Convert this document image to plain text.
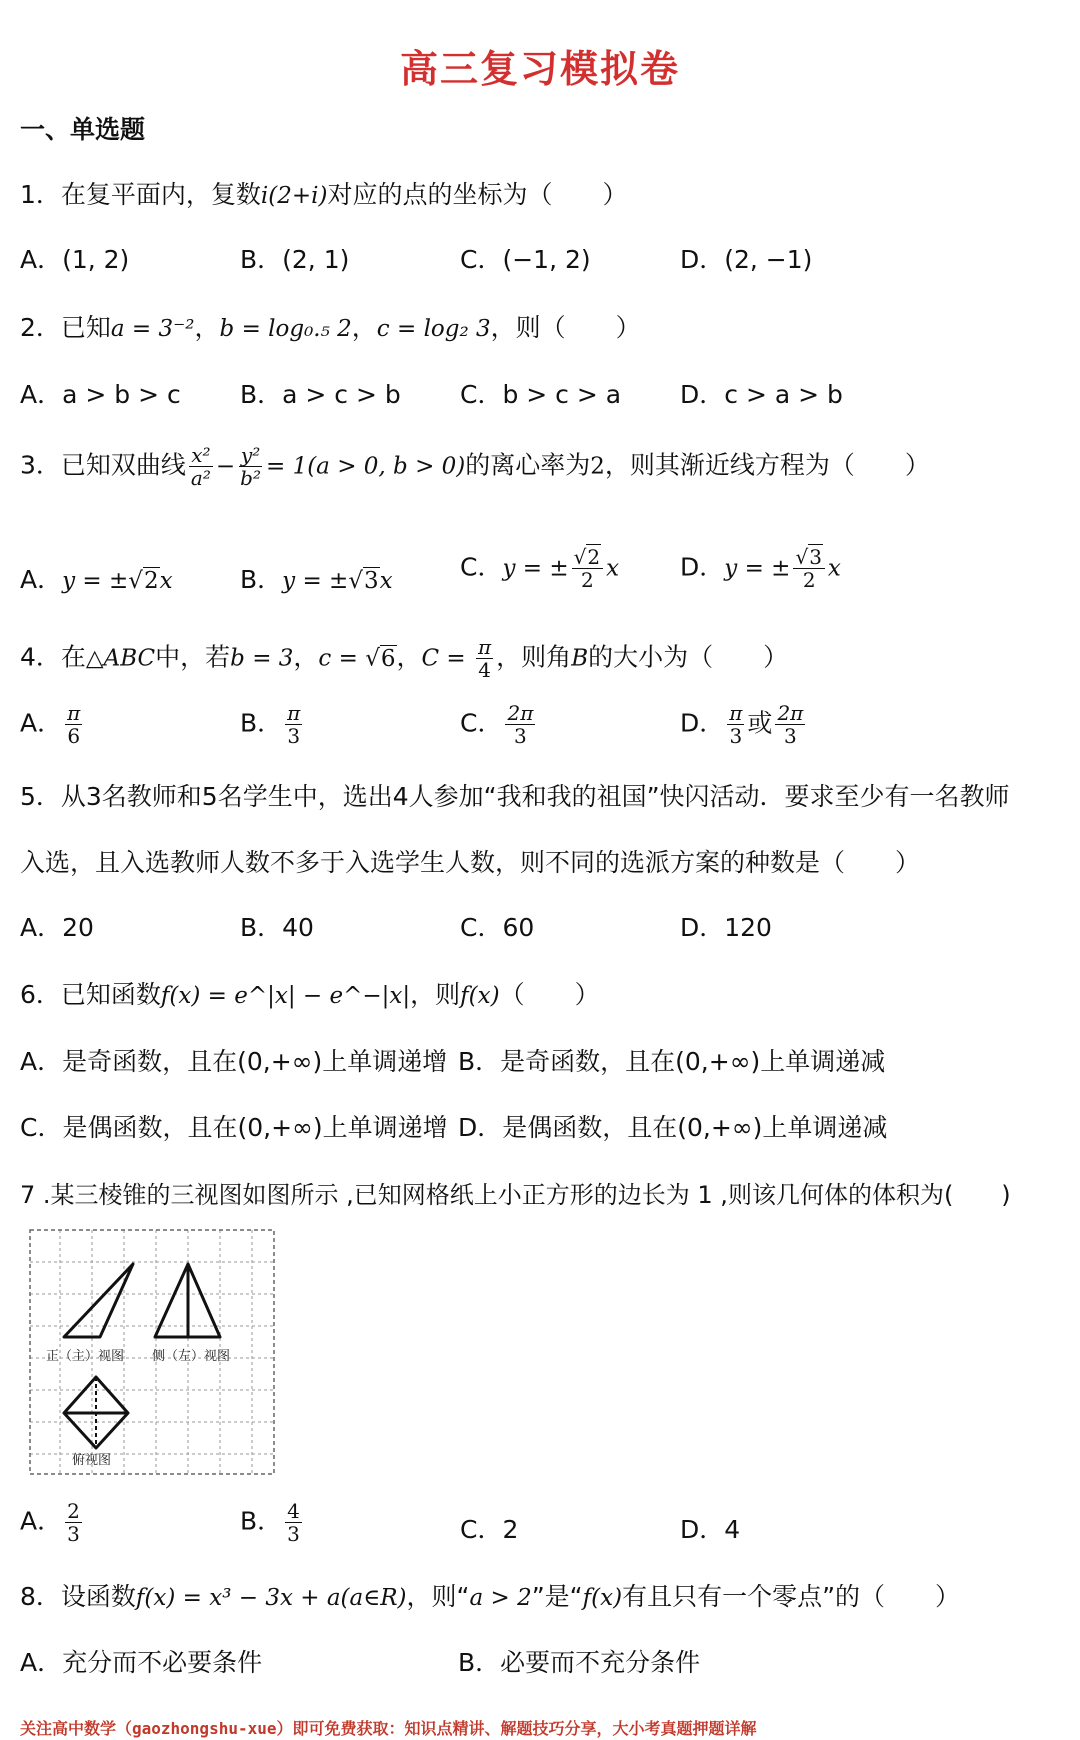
高三复习模拟卷
一、单选题
1．在复平面内，复数i(2+i)对应的点的坐标为（　　）
A．(1, 2)	B．(2, 1)	C．(−1, 2)	D．(2, −1)
2．已知a = 3⁻²，b = log₀.₅ 2，c = log₂ 3，则（　　）
A．a > b > c B．a > c > b C．b > c > a D．c > a > b
3．已知双曲线 $\frac{\text{x²}}{\text{a²}} - \frac{\text{y²}}{\text{b²}} = 1(a > 0$, b > 0)的离心率为2，则其渐近线方程为（　　）
A．y = ±√2x	B．y = ±√3x	C．y = ± $\frac{√2}{2}$ x D．y = ± $\frac{√3}{2}$ x
4．在△ABC中，若b = 3，c = √6，$C = \frac{\pi}{4}$ ，则角B的大小为（　　）
A． $\frac{\pi}{6}$	B． $\frac{\pi}{3}$	C． $\frac{2\pi}{3}$	D． $\frac{\pi}{3}$ 或 $\frac{2\pi}{3}$
5．从3名教师和5名学生中，选出4人参加“我和我的祖国”快闪活动．要求至少有一名教师
入选，且入选教师人数不多于入选学生人数，则不同的选派方案的种数是（　　）
A．20	B．40	C．60	D．120
6．已知函数f(x) = e^|x| − e^−|x|，则f(x)（　　）
A．是奇函数，且在(0,+∞)上单调递增 B．是奇函数，且在(0,+∞)上单调递减
C．是偶函数，且在(0,+∞)上单调递增 D．是偶函数，且在(0,+∞)上单调递减
7 .某三棱锥的三视图如图所示 ,已知网格纸上小正方形的边长为 1 ,则该几何体的体积为(　　)
正（主）视图 侧（左）视图
俯视图
A． $\frac{2}{3}$	B． $\frac{4}{3}$	C．2	D．4
8．设函数f(x) = x³ − 3x + a(a∈R)，则“a > 2”是“f(x)有且只有一个零点”的（　　）
A．充分而不必要条件	B．必要而不充分条件
关注高中数学（gaozhongshu-xue）即可免费获取：知识点精讲、解题技巧分享，大小考真题押题详解
